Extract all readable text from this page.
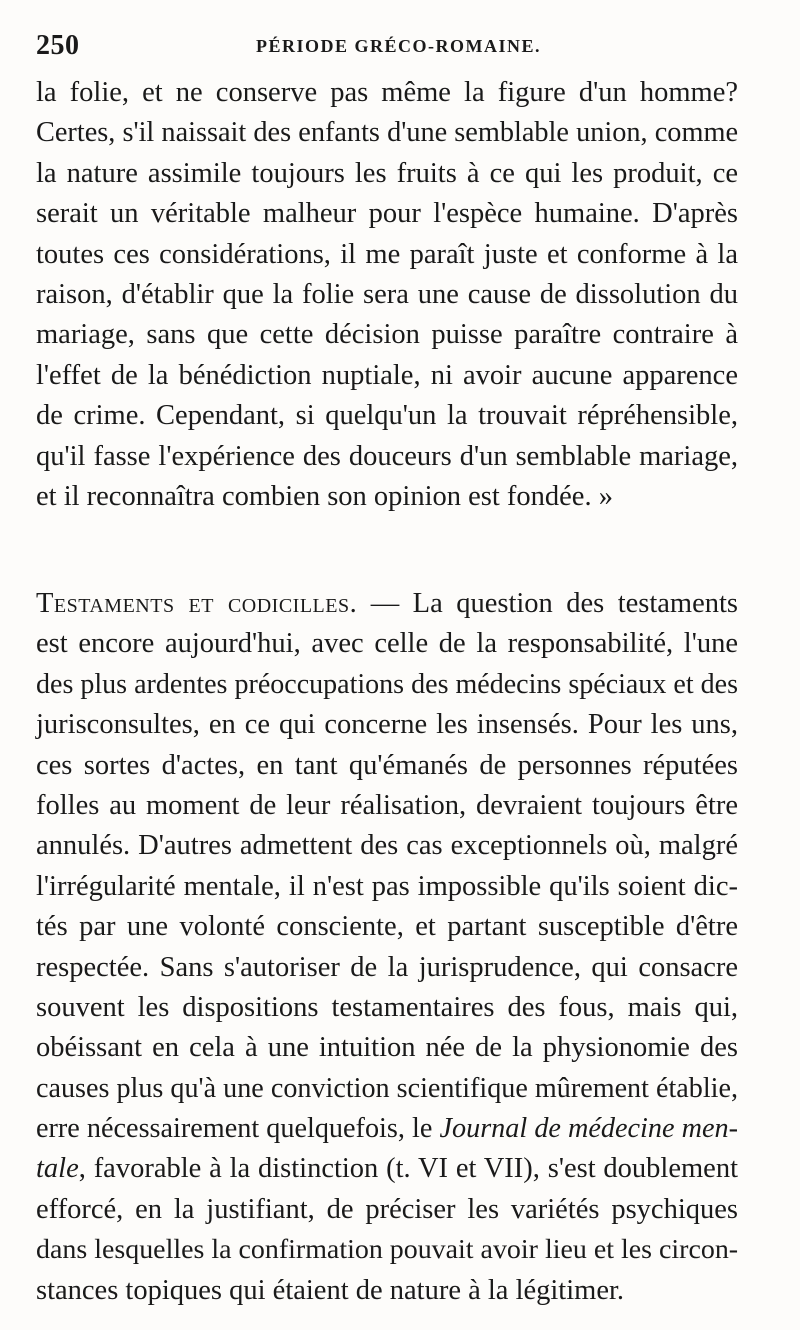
250	PÉRIODE GRÉCO-ROMAINE.
la folie, et ne conserve pas même la figure d'un homme?
Certes, s'il naissait des enfants d'une semblable union, comme
la nature assimile toujours les fruits à ce qui les produit, ce
serait un véritable malheur pour l'espèce humaine. D'après
toutes ces considérations, il me paraît juste et conforme à la
raison, d'établir que la folie sera une cause de dissolution du
mariage, sans que cette décision puisse paraître contraire à
l'effet de la bénédiction nuptiale, ni avoir aucune apparence
de crime. Cependant, si quelqu'un la trouvait répréhensible,
qu'il fasse l'expérience des douceurs d'un semblable mariage,
et il reconnaîtra combien son opinion est fondée. »
Testaments et codicilles. — La question des testaments
est encore aujourd'hui, avec celle de la responsabilité, l'une
des plus ardentes préoccupations des médecins spéciaux et des
jurisconsultes, en ce qui concerne les insensés. Pour les uns,
ces sortes d'actes, en tant qu'émanés de personnes réputées
folles au moment de leur réalisation, devraient toujours être
annulés. D'autres admettent des cas exceptionnels où, malgré
l'irrégularité mentale, il n'est pas impossible qu'ils soient dic-
tés par une volonté consciente, et partant susceptible d'être
respectée. Sans s'autoriser de la jurisprudence, qui consacre
souvent les dispositions testamentaires des fous, mais qui,
obéissant en cela à une intuition née de la physionomie des
causes plus qu'à une conviction scientifique mûrement établie,
erre nécessairement quelquefois, le Journal de médecine men-
tale, favorable à la distinction (t. VI et VII), s'est doublement
efforcé, en la justifiant, de préciser les variétés psychiques
dans lesquelles la confirmation pouvait avoir lieu et les circon-
stances topiques qui étaient de nature à la légitimer.
